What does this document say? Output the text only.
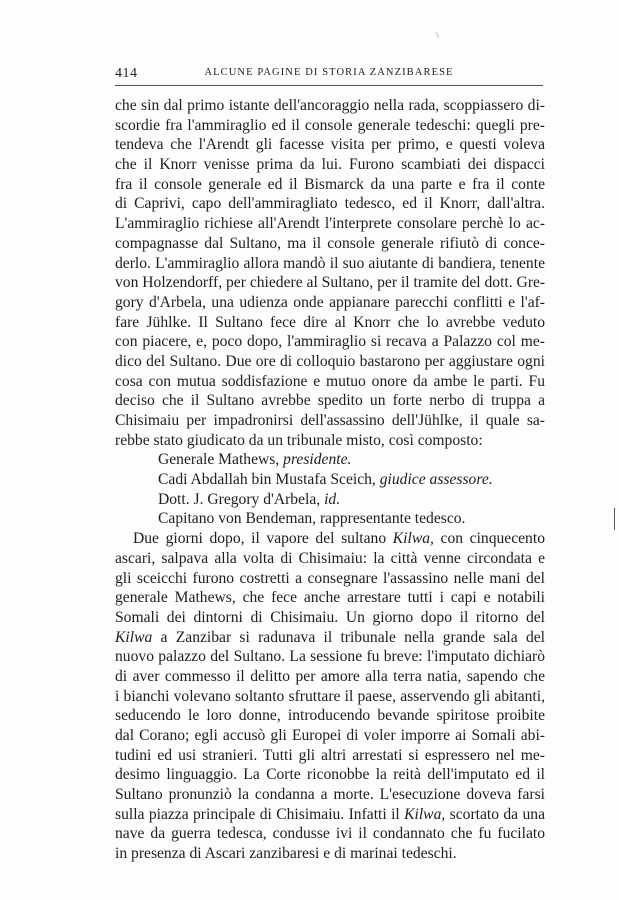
414	ALCUNE PAGINE DI STORIA ZANZIBARESE
che sin dal primo istante dell'ancoraggio nella rada, scoppiassero di-
scordie fra l'ammiraglio ed il console generale tedeschi: quegli pre-
tendeva che l'Arendt gli facesse visita per primo, e questi voleva
che il Knorr venisse prima da lui. Furono scambiati dei dispacci
fra il console generale ed il Bismarck da una parte e fra il conte
di Caprivi, capo dell'ammiragliato tedesco, ed il Knorr, dall'altra.
L'ammiraglio richiese all'Arendt l'interprete consolare perchè lo ac-
compagnasse dal Sultano, ma il console generale rifiutò di conce-
derlo. L'ammiraglio allora mandò il suo aiutante di bandiera, tenente
von Holzendorff, per chiedere al Sultano, per il tramite del dott. Gre-
gory d'Arbela, una udienza onde appianare parecchi conflitti e l'af-
fare Jühlke. Il Sultano fece dire al Knorr che lo avrebbe veduto
con piacere, e, poco dopo, l'ammiraglio si recava a Palazzo col me-
dico del Sultano. Due ore di colloquio bastarono per aggiustare ogni
cosa con mutua soddisfazione e mutuo onore da ambe le parti. Fu
deciso che il Sultano avrebbe spedito un forte nerbo di truppa a
Chisimaiu per impadronirsi dell'assassino dell'Jühlke, il quale sa-
rebbe stato giudicato da un tribunale misto, così composto:
Generale Mathews, presidente.
Cadi Abdallah bin Mustafa Sceich, giudice assessore.
Dott. J. Gregory d'Arbela, id.
Capitano von Bendeman, rappresentante tedesco.
Due giorni dopo, il vapore del sultano Kilwa, con cinquecento
ascari, salpava alla volta di Chisimaiu: la città venne circondata e
gli sceicchi furono costretti a consegnare l'assassino nelle mani del
generale Mathews, che fece anche arrestare tutti i capi e notabili
Somali dei dintorni di Chisimaiu. Un giorno dopo il ritorno del
Kilwa a Zanzibar si radunava il tribunale nella grande sala del
nuovo palazzo del Sultano. La sessione fu breve: l'imputato dichiarò
di aver commesso il delitto per amore alla terra natia, sapendo che
i bianchi volevano soltanto sfruttare il paese, asservendo gli abitanti,
seducendo le loro donne, introducendo bevande spiritose proibite
dal Corano; egli accusò gli Europei di voler imporre ai Somali abi-
tudini ed usi stranieri. Tutti gli altri arrestati si espressero nel me-
desimo linguaggio. La Corte riconobbe la reità dell'imputato ed il
Sultano pronunziò la condanna a morte. L'esecuzione doveva farsi
sulla piazza principale di Chisimaiu. Infatti il Kilwa, scortato da una
nave da guerra tedesca, condusse ivi il condannato che fu fucilato
in presenza di Ascari zanzibaresi e di marinai tedeschi.
